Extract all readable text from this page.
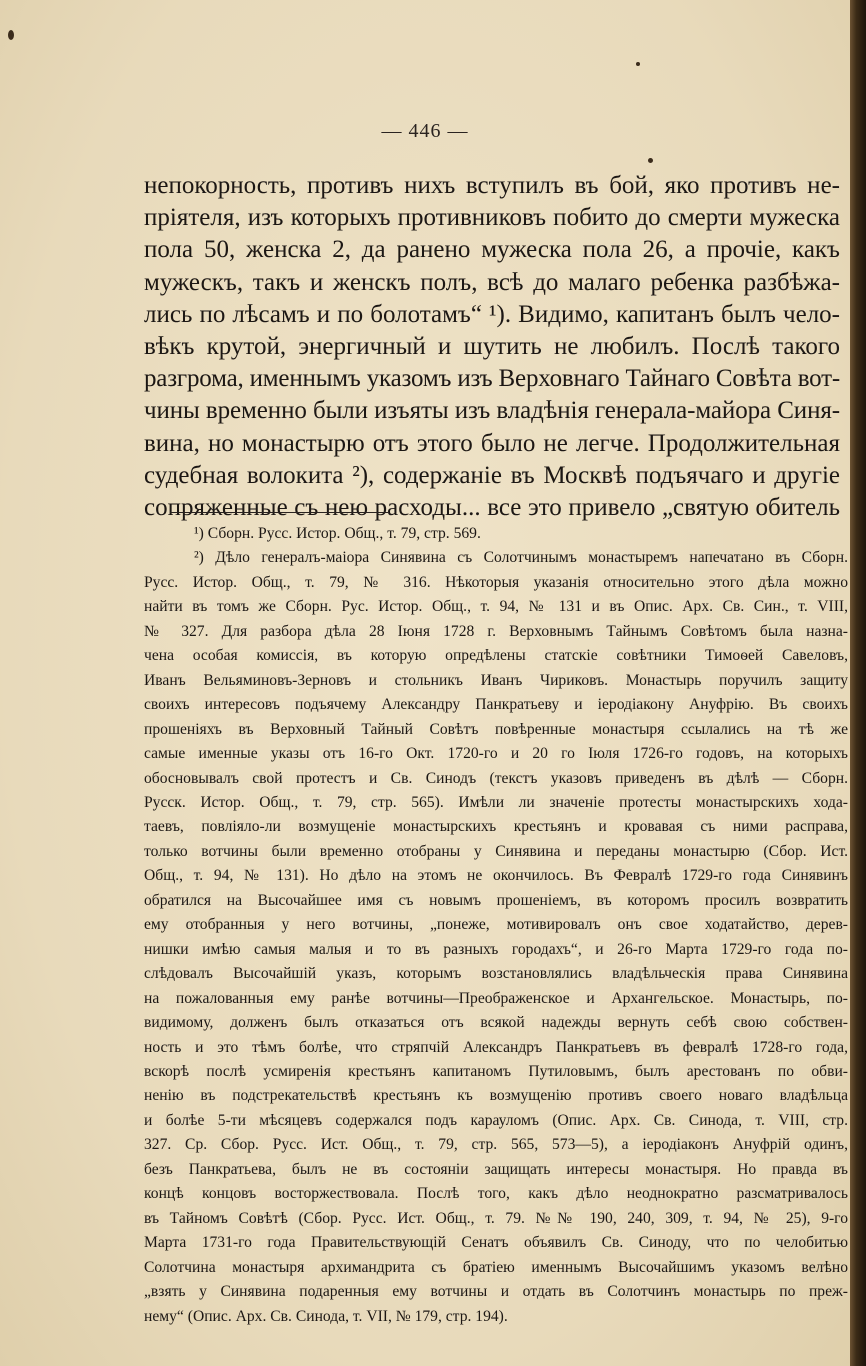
— 446 —
непокорность, противъ нихъ вступилъ въ бой, яко противъ не-
пріятеля, изъ которыхъ противниковъ побито до смерти мужеска
пола 50, женска 2, да ранено мужеска пола 26, а прочіе, какъ
мужескъ, такъ и женскъ полъ, всѣ до малаго ребенка разбѣжа-
лись по лѣсамъ и по болотамъ“ ¹). Видимо, капитанъ былъ чело-
вѣкъ крутой, энергичный и шутить не любилъ. Послѣ такого
разгрома, именнымъ указомъ изъ Верховнаго Тайнаго Совѣта вот-
чины временно были изъяты изъ владѣнія генерала-майора Синя-
вина, но монастырю отъ этого было не легче. Продолжительная
судебная волокита ²), содержаніе въ Москвѣ подъячаго и другіе
сопряженные съ нею расходы... все это привело „святую обитель
¹) Сборн. Русс. Истор. Общ., т. 79, стр. 569.
²) Дѣло генералъ-маіора Синявина съ Солотчинымъ монастыремъ напечатано въ Сборн.
Русс. Истор. Общ., т. 79, № 316. Нѣкоторыя указанія относительно этого дѣла можно
найти въ томъ же Сборн. Рус. Истор. Общ., т. 94, № 131 и въ Опис. Арх. Св. Син., т. VIII,
№ 327. Для разбора дѣла 28 Іюня 1728 г. Верховнымъ Тайнымъ Совѣтомъ была назна-
чена особая комиссія, въ которую опредѣлены статскіе совѣтники Тимоѳей Савеловъ,
Иванъ Вельяминовъ-Зерновъ и стольникъ Иванъ Чириковъ. Монастырь поручилъ защиту
своихъ интересовъ подъячему Александру Панкратьеву и іеродіакону Ануфрію. Въ своихъ
прошеніяхъ въ Верховный Тайный Совѣтъ повѣренные монастыря ссылались на тѣ же
самые именные указы отъ 16-го Окт. 1720-го и 20 го Іюля 1726-го годовъ, на которыхъ
обосновывалъ свой протестъ и Св. Синодъ (текстъ указовъ приведенъ въ дѣлѣ — Сборн.
Русск. Истор. Общ., т. 79, стр. 565). Имѣли ли значеніе протесты монастырскихъ хода-
таевъ, повліяло-ли возмущеніе монастырскихъ крестьянъ и кровавая съ ними расправа,
только вотчины были временно отобраны у Синявина и переданы монастырю (Сбор. Ист.
Общ., т. 94, № 131). Но дѣло на этомъ не окончилось. Въ Февралѣ 1729-го года Синявинъ
обратился на Высочайшее имя съ новымъ прошеніемъ, въ которомъ просилъ возвратить
ему отобранныя у него вотчины, „понеже, мотивировалъ онъ свое ходатайство, дерев-
нишки имѣю самыя малыя и то въ разныхъ городахъ“, и 26-го Марта 1729-го года по-
слѣдовалъ Высочайшій указъ, которымъ возстановлялись владѣльческія права Синявина
на пожалованныя ему ранѣе вотчины—Преображенское и Архангельское. Монастырь, по-
видимому, долженъ былъ отказаться отъ всякой надежды вернуть себѣ свою собствен-
ность и это тѣмъ болѣе, что стряпчій Александръ Панкратьевъ въ февралѣ 1728-го года,
вскорѣ послѣ усмиренія крестьянъ капитаномъ Путиловымъ, былъ арестованъ по обви-
ненію въ подстрекательствѣ крестьянъ къ возмущенію противъ своего новаго владѣльца
и болѣе 5-ти мѣсяцевъ содержался подъ карауломъ (Опис. Арх. Св. Синода, т. VIII, стр.
327. Ср. Сбор. Русс. Ист. Общ., т. 79, стр. 565, 573—5), а іеродіаконъ Ануфрій одинъ,
безъ Панкратьева, былъ не въ состояніи защищать интересы монастыря. Но правда въ
концѣ концовъ восторжествовала. Послѣ того, какъ дѣло неоднократно разсматривалось
въ Тайномъ Совѣтѣ (Сбор. Русс. Ист. Общ., т. 79. №№ 190, 240, 309, т. 94, № 25), 9-го
Марта 1731-го года Правительствующій Сенатъ объявилъ Св. Синоду, что по челобитью
Солотчина монастыря архимандрита съ братіею именнымъ Высочайшимъ указомъ велѣно
„взять у Синявина подаренныя ему вотчины и отдать въ Солотчинъ монастырь по преж-
нему“ (Опис. Арх. Св. Синода, т. VII, № 179, стр. 194).
